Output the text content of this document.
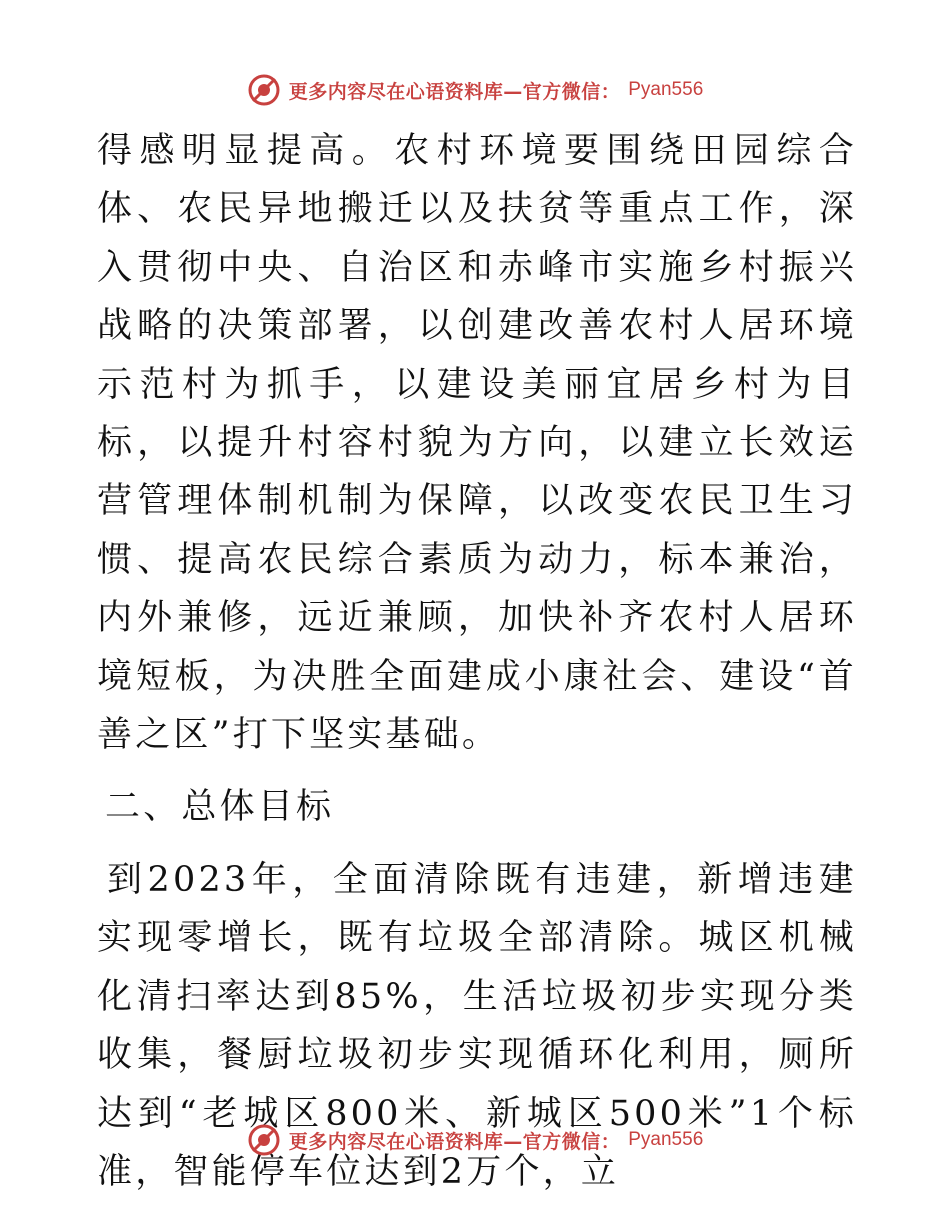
更多内容尽在心语资料库—官方微信： Pyan556

得感明显提高。农村环境要围绕田园综合体、农民异地搬迁以及扶贫等重点工作，深入贯彻中央、自治区和赤峰市实施乡村振兴战略的决策部署，以创建改善农村人居环境示范村为抓手，以建设美丽宜居乡村为目标，以提升村容村貌为方向，以建立长效运营管理体制机制为保障，以改变农民卫生习惯、提高农民综合素质为动力，标本兼治，内外兼修，远近兼顾，加快补齐农村人居环境短板，为决胜全面建成小康社会、建设“首善之区”打下坚实基础。

二、总体目标

到2023年，全面清除既有违建，新增违建实现零增长，既有垃圾全部清除。城区机械化清扫率达到85%，生活垃圾初步实现分类收集，餐厨垃圾初步实现循环化利用，厕所达到“老城区800米、新城区500米”1个标准，智能停车位达到2万个，立

更多内容尽在心语资料库—官方微信： Pyan556
